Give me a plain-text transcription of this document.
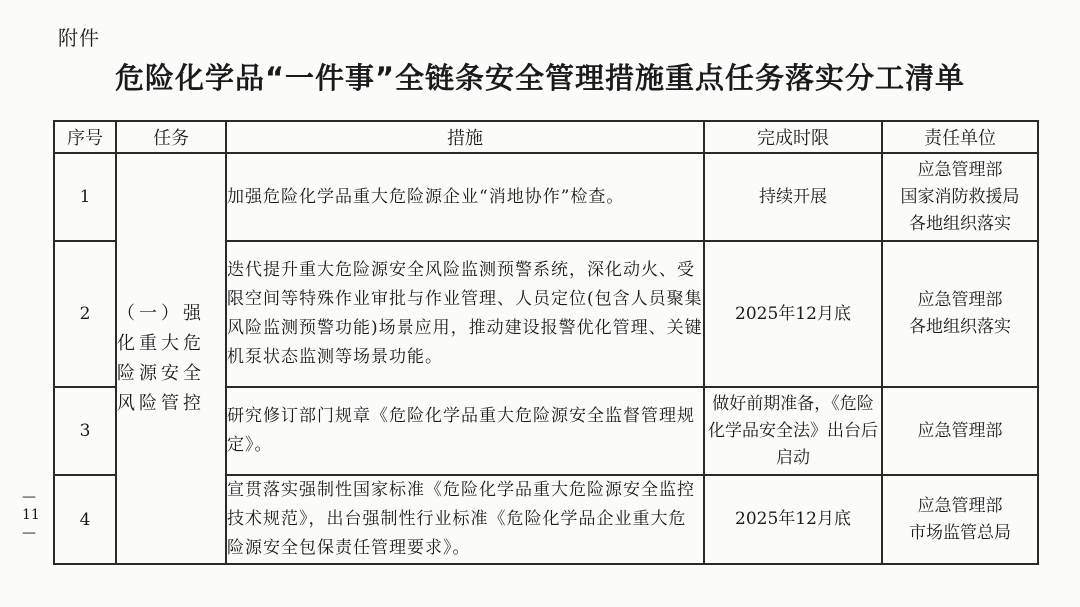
附件
危险化学品“一件事”全链条安全管理措施重点任务落实分工清单
序号	任务	措施	完成时限	责任单位
1	（一）强化重大危险源安全风险管控	加强危险化学品重大危险源企业“消地协作”检查。	持续开展	应急管理部
国家消防救援局
各地组织落实

2		迭代提升重大危险源安全风险监测预警系统，深化动火、受限空间等特殊作业审批与作业管理、人员定位(包含人员聚集风险监测预警功能)场景应用，推动建设报警优化管理、关键机泵状态监测等场景功能。	2025年12月底	应急管理部
各地组织落实

3		研究修订部门规章《危险化学品重大危险源安全监督管理规定》。	做好前期准备，《危险化学品安全法》出台后启动	应急管理部

4		宣贯落实强制性国家标准《危险化学品重大危险源安全监控技术规范》，出台强制性行业标准《危险化学品企业重大危险源安全包保责任管理要求》。	2025年12月底	应急管理部
市场监管总局
—
11
—
